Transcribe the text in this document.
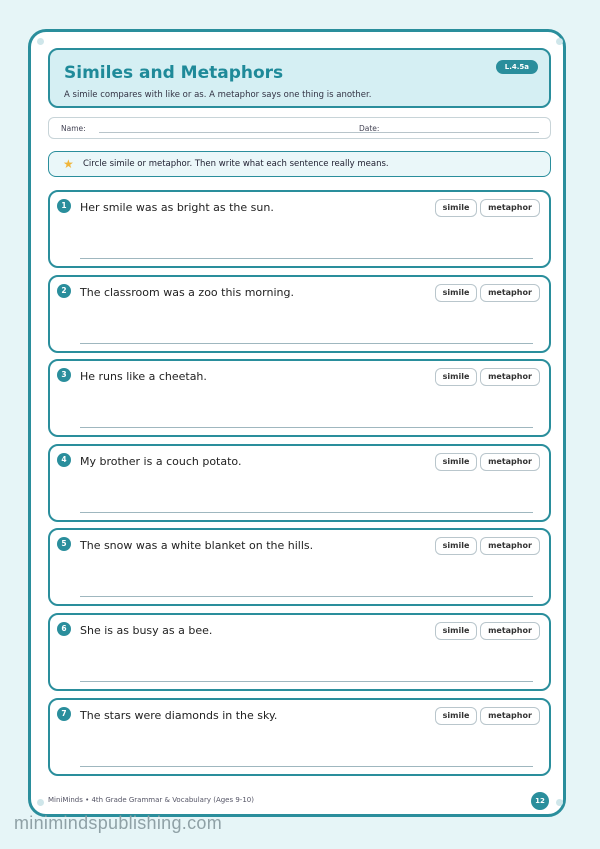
Similes and Metaphors
A simile compares with like or as. A metaphor says one thing is another.
L.4.5a
Name:	Date:
★ Circle simile or metaphor. Then write what each sentence really means.
1	Her smile was as bright as the sun.	simile	metaphor
2	The classroom was a zoo this morning.	simile	metaphor
3	He runs like a cheetah.	simile	metaphor
4	My brother is a couch potato.	simile	metaphor
5	The snow was a white blanket on the hills.	simile	metaphor
6	She is as busy as a bee.	simile	metaphor
7	The stars were diamonds in the sky.	simile	metaphor
MiniMinds • 4th Grade Grammar & Vocabulary (Ages 9-10)	12
minimindspublishing.com
